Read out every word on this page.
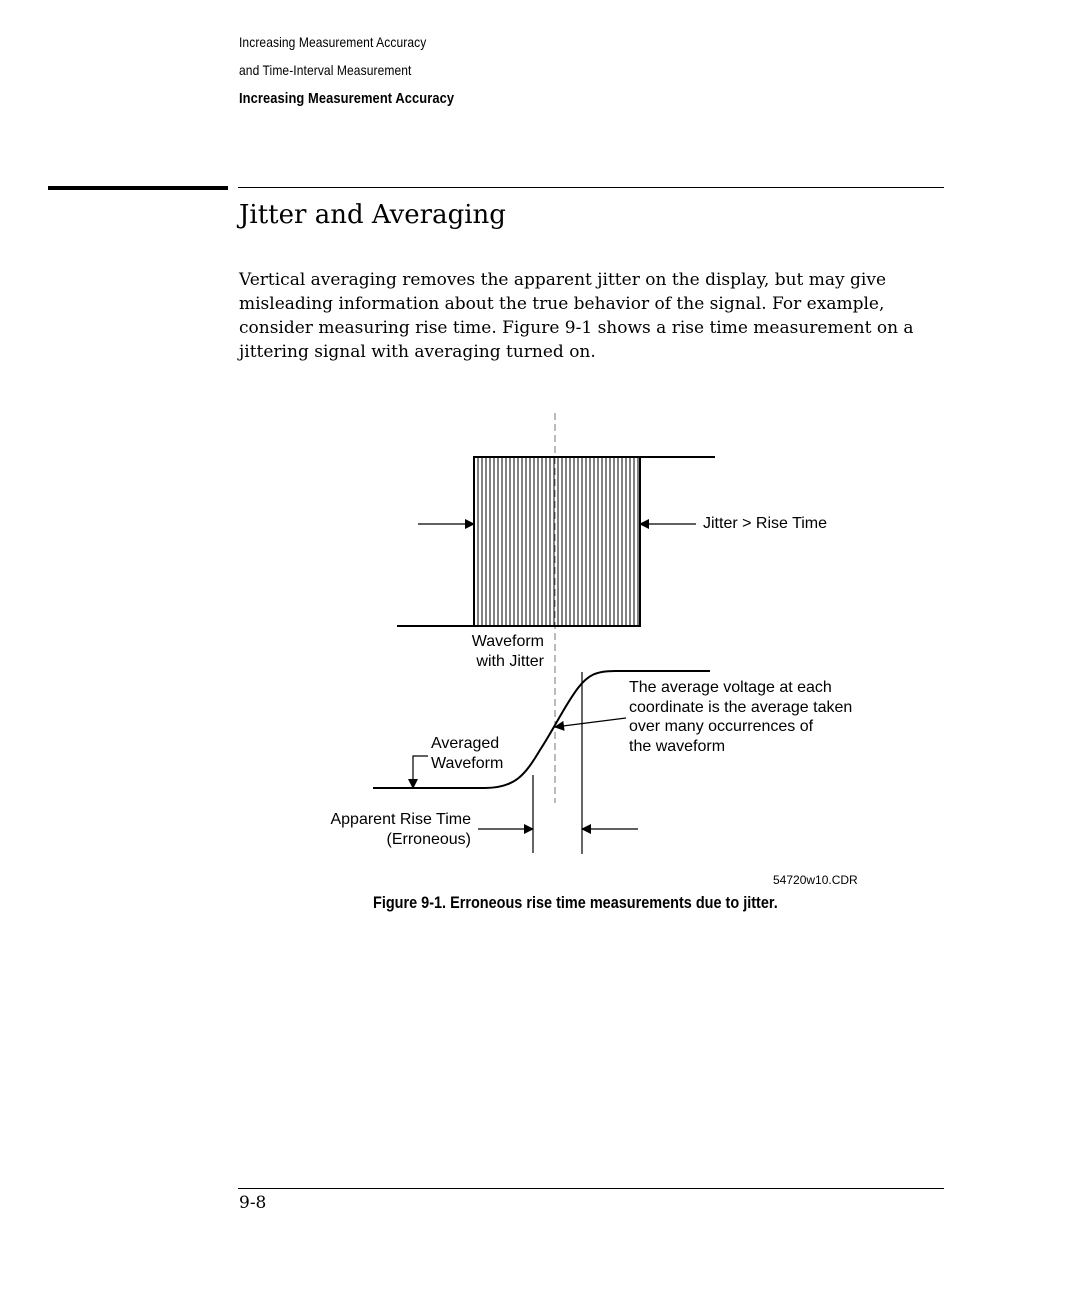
Increasing Measurement Accuracy
and Time-Interval Measurement
Increasing Measurement Accuracy
Jitter and Averaging

Vertical averaging removes the apparent jitter on the display, but may give
misleading information about the true behavior of the signal. For example,
consider measuring rise time. Figure 9-1 shows a rise time measurement on a
jittering signal with averaging turned on.

Jitter > Rise Time
Waveform
with Jitter
The average voltage at each
coordinate is the average taken
over many occurrences of
the waveform
Averaged
Waveform
Apparent Rise Time
(Erroneous)
54720w10.CDR
Figure 9-1. Erroneous rise time measurements due to jitter.
9-8
